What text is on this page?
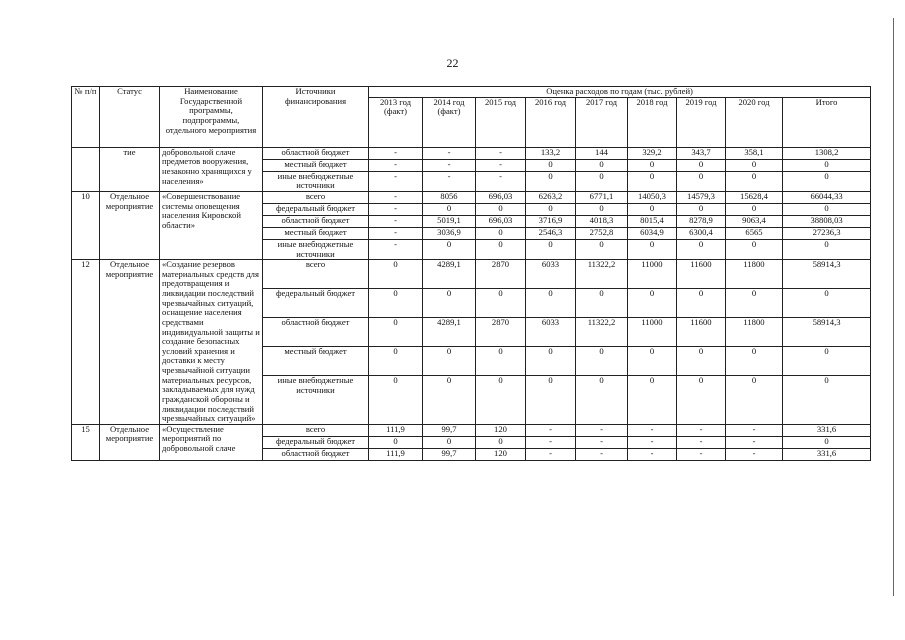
22
№ п/п	Статус	Наименование Государственной программы, подпрограммы, отдельного мероприятия	Источники финансирования	Оценка расходов по годам (тыс. рублей)								
				2013 год (факт)	2014 год (факт)	2015 год	2016 год	2017 год	2018 год	2019 год	2020 год	Итого
	тие	добровольной слаче предметов вооружения, незаконно хранящихся у населения»	областной бюджет	-	-	-	133,2	144	329,2	343,7	358,1	1308,2
			местный бюджет	-	-	-	0	0	0	0	0	0
			иные внебюджетные источники	-	-	-	0	0	0	0	0	0
10	Отдельное мероприятие	«Совершенствование системы оповещения населения Кировской области»	всего	-	8056	696,03	6263,2	6771,1	14050,3	14579,3	15628,4	66044,33
			федеральный бюджет	-	0	0	0	0	0	0	0	0
			областной бюджет	-	5019,1	696,03	3716,9	4018,3	8015,4	8278,9	9063,4	38808,03
			местный бюджет	-	3036,9	0	2546,3	2752,8	6034,9	6300,4	6565	27236,3
			иные внебюджетные источники	-	0	0	0	0	0	0	0	0
12	Отдельное мероприятие	«Создание резервов материальных средств для предотвращения и ликвидации последствий чрезвычайных ситуаций, оснащение населения средствами индивидуальной защиты и создание безопасных условий хранения и доставки к месту чрезвычайной ситуации материальных ресурсов, закладываемых для нужд гражданской обороны и ликвидации последствий чрезвычайных ситуаций»	всего	0	4289,1	2870	6033	11322,2	11000	11600	11800	58914,3
			федеральный бюджет	0	0	0	0	0	0	0	0	0
			областной бюджет	0	4289,1	2870	6033	11322,2	11000	11600	11800	58914,3
			местный бюджет	0	0	0	0	0	0	0	0	0
			иные внебюджетные источники	0	0	0	0	0	0	0	0	0
15	Отдельное мероприятие	«Осуществление мероприятий по добровольной слаче	всего	111,9	99,7	120	-	-	-	-	-	331,6
			федеральный бюджет	0	0	0	-	-	-	-	-	0
			областной бюджет	111,9	99,7	120	-	-	-	-	-	331,6
